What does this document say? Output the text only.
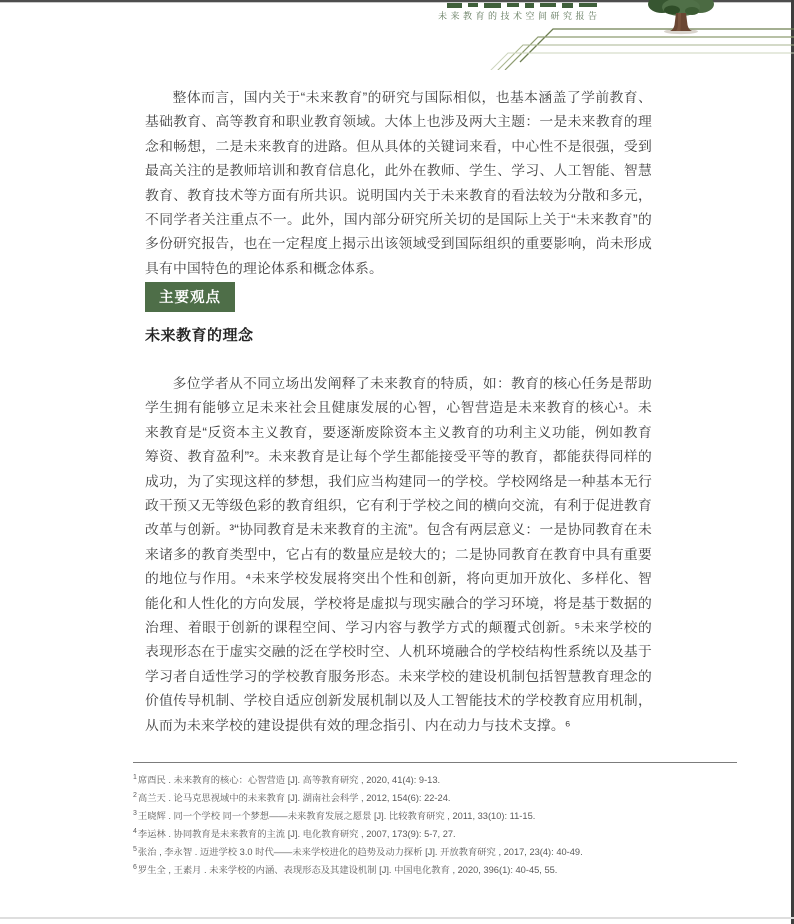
未来教育的技术空间研究报告

整体而言，国内关于“未来教育”的研究与国际相似，也基本涵盖了学前教育、基础教育、高等教育和职业教育领域。大体上也涉及两大主题：一是未来教育的理念和畅想，二是未来教育的进路。但从具体的关键词来看，中心性不是很强，受到最高关注的是教师培训和教育信息化，此外在教师、学生、学习、人工智能、智慧教育、教育技术等方面有所共识。说明国内关于未来教育的看法较为分散和多元，不同学者关注重点不一。此外，国内部分研究所关切的是国际上关于“未来教育”的多份研究报告，也在一定程度上揭示出该领域受到国际组织的重要影响，尚未形成具有中国特色的理论体系和概念体系。

主要观点
未来教育的理念

多位学者从不同立场出发阐释了未来教育的特质，如：教育的核心任务是帮助学生拥有能够立足未来社会且健康发展的心智，心智营造是未来教育的核心¹。未来教育是“反资本主义教育，要逐渐废除资本主义教育的功利主义功能，例如教育筹资、教育盈利”²。未来教育是让每个学生都能接受平等的教育，都能获得同样的成功，为了实现这样的梦想，我们应当构建同一的学校。学校网络是一种基本无行政干预又无等级色彩的教育组织，它有利于学校之间的横向交流，有利于促进教育改革与创新。³“协同教育是未来教育的主流”。包含有两层意义：一是协同教育在未来诸多的教育类型中，它占有的数量应是较大的；二是协同教育在教育中具有重要的地位与作用。⁴未来学校发展将突出个性和创新，将向更加开放化、多样化、智能化和人性化的方向发展，学校将是虚拟与现实融合的学习环境，将是基于数据的治理、着眼于创新的课程空间、学习内容与教学方式的颠覆式创新。⁵未来学校的表现形态在于虚实交融的泛在学校时空、人机环境融合的学校结构性系统以及基于学习者自适性学习的学校教育服务形态。未来学校的建设机制包括智慧教育理念的价值传导机制、学校自适应创新发展机制以及人工智能技术的学校教育应用机制，从而为未来学校的建设提供有效的理念指引、内在动力与技术支撑。⁶

$^1$席酉民 . 未来教育的核心：心智营造 [J]. 高等教育研究 , 2020, 41(4): 9-13.
$^2$高兰天 . 论马克思视域中的未来教育 [J]. 湖南社会科学 , 2012, 154(6): 22-24.
$^3$王晓辉 . 同一个学校 同一个梦想——未来教育发展之愿景 [J]. 比较教育研究 , 2011, 33(10): 11-15.
$^4$李运林 . 协同教育是未来教育的主流 [J]. 电化教育研究 , 2007, 173(9): 5-7, 27.
$^5$张治 , 李永智 . 迈进学校 3.0 时代——未来学校进化的趋势及动力探析 [J]. 开放教育研究 , 2017, 23(4): 40-49.
$^6$罗生全 , 王素月 . 未来学校的内涵、表现形态及其建设机制 [J]. 中国电化教育 , 2020, 396(1): 40-45, 55.
